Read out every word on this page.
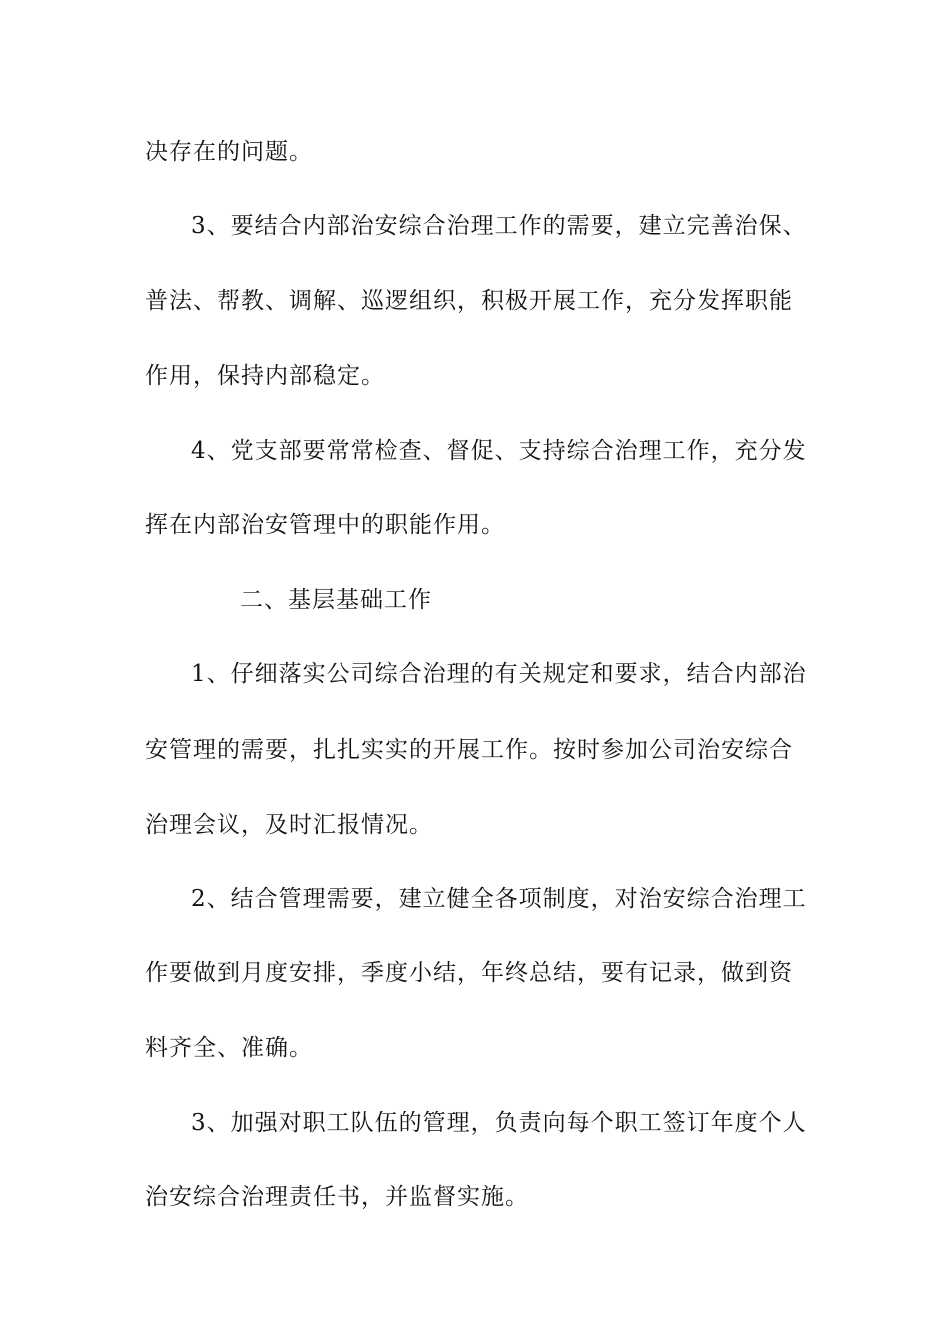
决存在的问题。
3、要结合内部治安综合治理工作的需要，建立完善治保、
普法、帮教、调解、巡逻组织，积极开展工作，充分发挥职能
作用，保持内部稳定。
4、党支部要常常检查、督促、支持综合治理工作，充分发
挥在内部治安管理中的职能作用。
二、基层基础工作
1、仔细落实公司综合治理的有关规定和要求，结合内部治
安管理的需要，扎扎实实的开展工作。按时参加公司治安综合
治理会议，及时汇报情况。
2、结合管理需要，建立健全各项制度，对治安综合治理工
作要做到月度安排，季度小结，年终总结，要有记录，做到资
料齐全、准确。
3、加强对职工队伍的管理，负责向每个职工签订年度个人
治安综合治理责任书，并监督实施。
